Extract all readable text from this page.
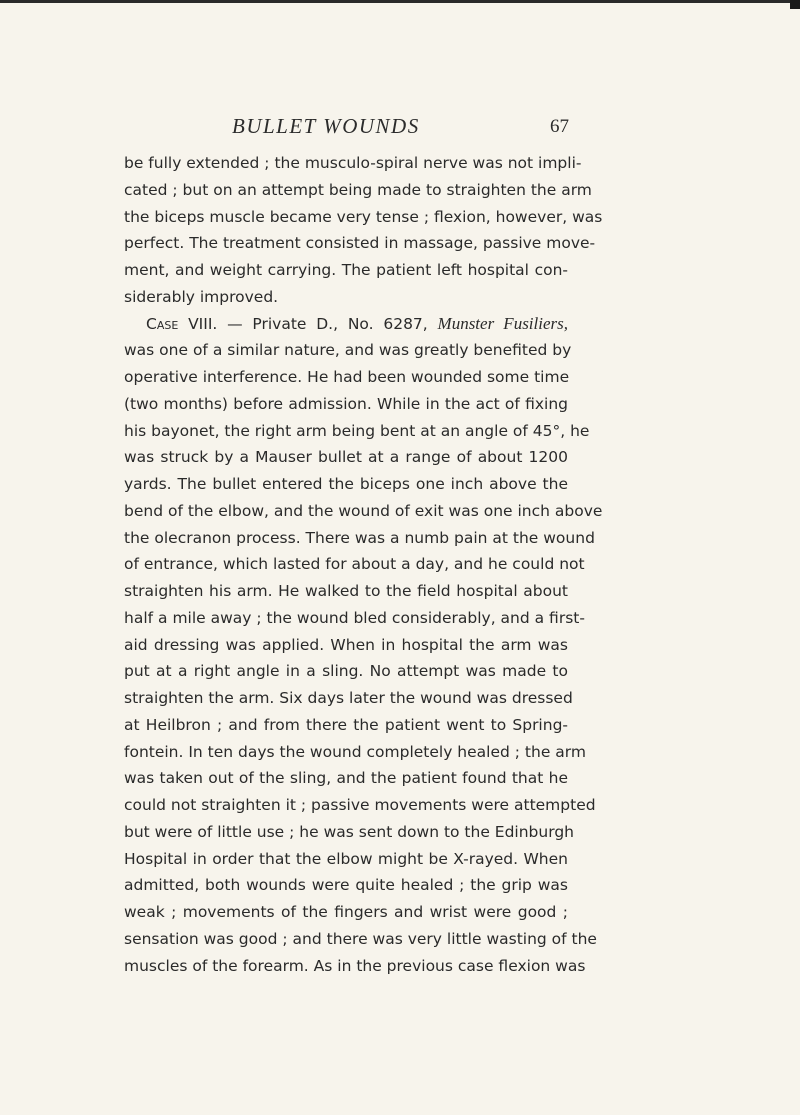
BULLET WOUNDS	67
be fully extended ; the musculo-spiral nerve was not impli-
cated ; but on an attempt being made to straighten the arm
the biceps muscle became very tense ; flexion, however, was
perfect. The treatment consisted in massage, passive move-
ment, and weight carrying. The patient left hospital con-
siderably improved.
Case VIII. — Private D., No. 6287, Munster Fusiliers,
was one of a similar nature, and was greatly benefited by
operative interference. He had been wounded some time
(two months) before admission. While in the act of fixing
his bayonet, the right arm being bent at an angle of 45°, he
was struck by a Mauser bullet at a range of about 1200
yards. The bullet entered the biceps one inch above the
bend of the elbow, and the wound of exit was one inch above
the olecranon process. There was a numb pain at the wound
of entrance, which lasted for about a day, and he could not
straighten his arm. He walked to the field hospital about
half a mile away ; the wound bled considerably, and a first-
aid dressing was applied. When in hospital the arm was
put at a right angle in a sling. No attempt was made to
straighten the arm. Six days later the wound was dressed
at Heilbron ; and from there the patient went to Spring-
fontein. In ten days the wound completely healed ; the arm
was taken out of the sling, and the patient found that he
could not straighten it ; passive movements were attempted
but were of little use ; he was sent down to the Edinburgh
Hospital in order that the elbow might be X-rayed. When
admitted, both wounds were quite healed ; the grip was
weak ; movements of the fingers and wrist were good ;
sensation was good ; and there was very little wasting of the
muscles of the forearm. As in the previous case flexion was
